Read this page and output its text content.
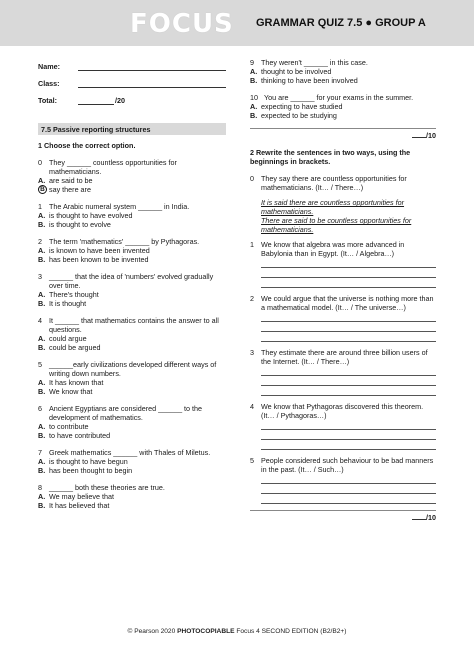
FOCUS GRAMMAR QUIZ 7.5 ● GROUP A
Name:
Class:
Total:	/20
7.5 Passive reporting structures
1 Choose the correct option.
0 They ______ countless opportunities for mathematicians.
A. are said to be
B say there are
1 The Arabic numeral system ______ in India.
A. is thought to have evolved
B. is thought to evolve
2 The term 'mathematics' ______ by Pythagoras.
A. is known to have been invented
B. has been known to be invented
3 ______ that the idea of 'numbers' evolved gradually over time.
A. There's thought
B. It is thought
4 It ______ that mathematics contains the answer to all questions.
A. could argue
B. could be argued
5 ______early civilizations developed different ways of writing down numbers.
A. It has known that
B. We know that
6 Ancient Egyptians are considered ______ to the development of mathematics.
A. to contribute
B. to have contributed
7 Greek mathematics ______ with Thales of Miletus.
A. is thought to have begun
B. has been thought to begin
8 ______ both these theories are true.
A. We may believe that
B. It has believed that
9 They weren't ______ in this case.
A. thought to be involved
B. thinking to have been involved
10 You are ______ for your exams in the summer.
A. expecting to have studied
B. expected to be studying
/10
2 Rewrite the sentences in two ways, using the beginnings in brackets.
0 They say there are countless opportunities for mathematicians. (It… / There…)
It is said there are countless opportunities for mathematicians.
There are said to be countless opportunities for mathematicians.
1 We know that algebra was more advanced in Babylonia than in Egypt. (It… / Algebra…)
2 We could argue that the universe is nothing more than a mathematical model. (It… / The universe…)
3 They estimate there are around three billion users of the Internet. (It… / There…)
4 We know that Pythagoras discovered this theorem. (It… / Pythagoras…)
5 People considered such behaviour to be bad manners in the past. (It… / Such…)
/10
© Pearson 2020 PHOTOCOPIABLE Focus 4 SECOND EDITION (B2/B2+)
